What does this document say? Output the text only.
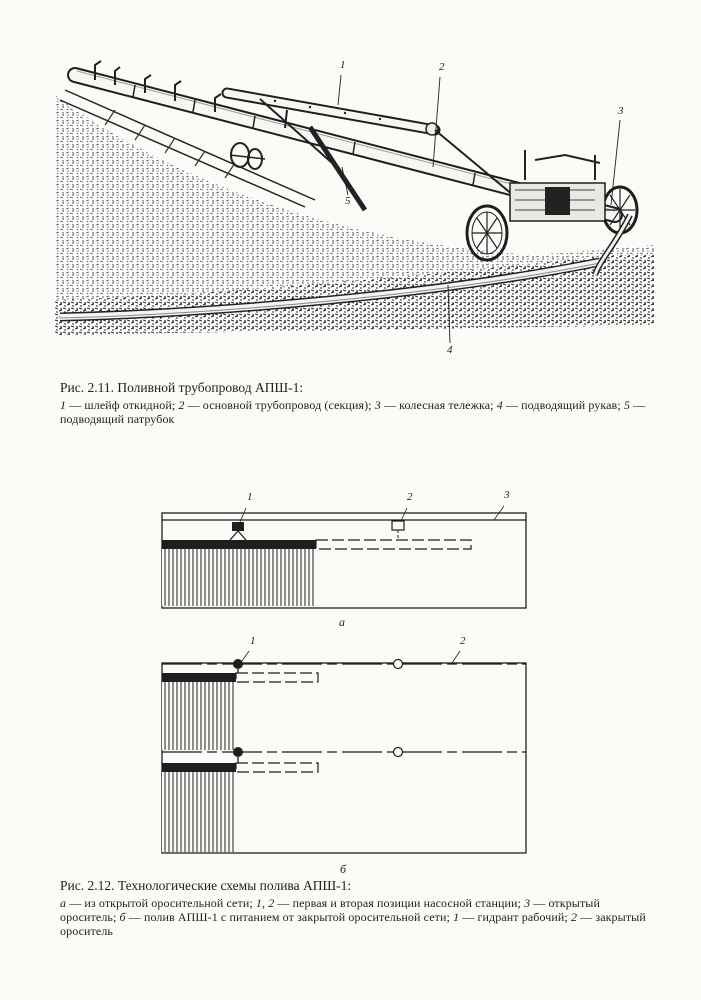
1	2
3
4
5
Рис. 2.11. Поливной трубопровод АПШ-1:
1 — шлейф откидной; 2 — основной трубопровод (секция); 3 — колесная тележка; 4 — подводящий рукав; 5 — подводящий патрубок
1	2	3
а
1	2
б
Рис. 2.12. Технологические схемы полива АПШ-1:
а — из открытой оросительной сети; 1, 2 — первая и вторая позиции насосной станции; 3 — открытый ороситель; б — полив АПШ-1 с питанием от закрытой оросительной сети; 1 — гидрант рабочий; 2 — закрытый ороситель
